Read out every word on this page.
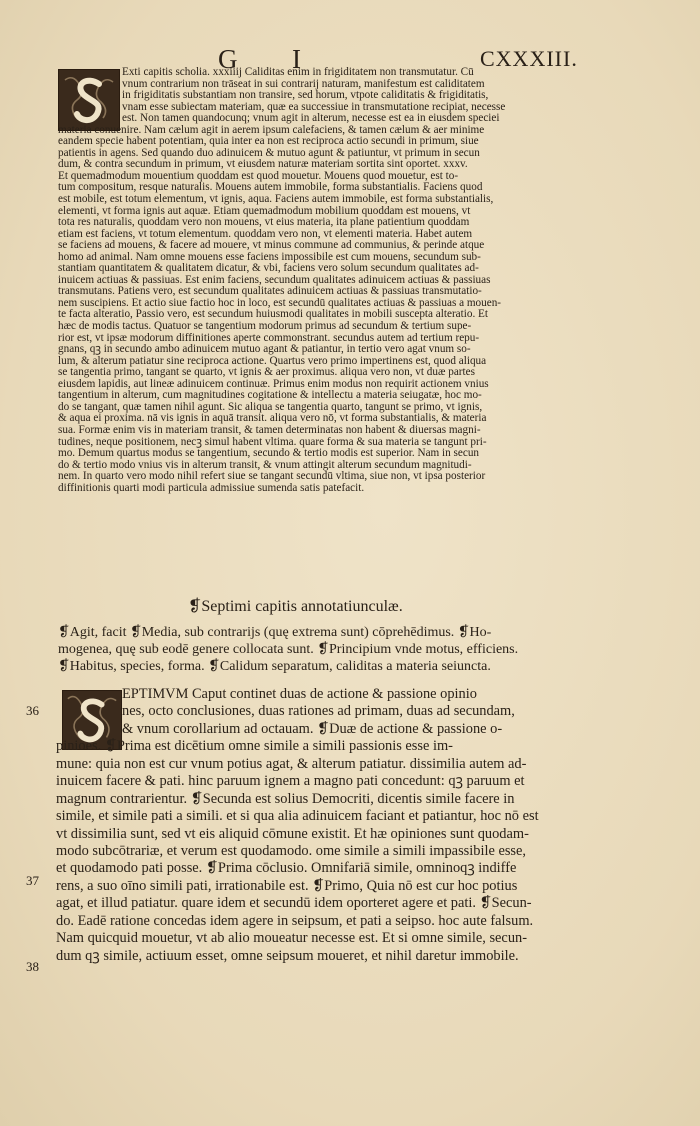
G I	CXXXIII.
Exti capitis scholia. xxxiiij Caliditas enim in frigiditatem non transmutatur. Cū
vnum contrarium non trāseat in sui contrarij naturam, manifestum est caliditatem
in frigiditatis substantiam non transire, sed horum, vtpote caliditatis & frigiditatis,
vnam esse subiectam materiam, quæ ea successiue in transmutatione recipiat, necesse
est. Non tamen quandocunq; vnum agit in alterum, necesse est ea in eiusdem speciei
materia conuenire. Nam cælum agit in aerem ipsum calefaciens, & tamen cælum & aer minime
eandem specie habent potentiam, quia inter ea non est reciproca actio secundi in primum, siue
patientis in agens. Sed quando duo adinuicem & mutuo agunt & patiuntur, vt primum in secun
dum, & contra secundum in primum, vt eiusdem naturæ materiam sortita sint oportet. xxxv.
Et quemadmodum mouentium quoddam est quod mouetur. Mouens quod mouetur, est to-
tum compositum, resque naturalis. Mouens autem immobile, forma substantialis. Faciens quod
est mobile, est totum elementum, vt ignis, aqua. Faciens autem immobile, est forma substantialis,
elementi, vt forma ignis aut aquæ. Etiam quemadmodum mobilium quoddam est mouens, vt
tota res naturalis, quoddam vero non mouens, vt eius materia, ita plane patientium quoddam
etiam est faciens, vt totum elementum. quoddam vero non, vt elementi materia. Habet autem
se faciens ad mouens, & facere ad mouere, vt minus commune ad communius, & perinde atque
homo ad animal. Nam omne mouens esse faciens impossibile est cum mouens, secundum sub-
stantiam quantitatem & qualitatem dicatur, & vbi, faciens vero solum secundum qualitates ad-
inuicem actiuas & passiuas. Est enim faciens, secundum qualitates adinuicem actiuas & passiuas
transmutans. Patiens vero, est secundum qualitates adinuicem actiuas & passiuas transmutatio-
nem suscipiens. Et actio siue factio hoc in loco, est secundū qualitates actiuas & passiuas a mouen-
te facta alteratio, Passio vero, est secundum huiusmodi qualitates in mobili suscepta alteratio. Et
hæc de modis tactus. Quatuor se tangentium modorum primus ad secundum & tertium supe-
rior est, vt ipsæ modorum diffinitiones aperte commonstrant. secundus autem ad tertium repu-
gnans, qꝫ in secundo ambo adinuicem mutuo agant & patiantur, in tertio vero agat vnum so-
lum, & alterum patiatur sine reciproca actione. Quartus vero primo impertinens est, quod aliqua
se tangentia primo, tangant se quarto, vt ignis & aer proximus. aliqua vero non, vt duæ partes
eiusdem lapidis, aut lineæ adinuicem continuæ. Primus enim modus non requirit actionem vnius
tangentium in alterum, cum magnitudines cogitatione & intellectu a materia seiugatæ, hoc mo-
do se tangant, quæ tamen nihil agunt. Sic aliqua se tangentia quarto, tangunt se primo, vt ignis,
& aqua ei proxima. nā vis ignis in aquā transit. aliqua vero nō, vt forma substantialis, & materia
sua. Formæ enim vis in materiam transit, & tamen determinatas non habent & diuersas magni-
tudines, neque positionem, necꝫ simul habent vltima. quare forma & sua materia se tangunt pri-
mo. Demum quartus modus se tangentium, secundo & tertio modis est superior. Nam in secun
do & tertio modo vnius vis in alterum transit, & vnum attingit alterum secundum magnitudi-
nem. In quarto vero modo nihil refert siue se tangant secundū vltima, siue non, vt ipsa posterior
diffinitionis quarti modi particula admissiue sumenda satis patefacit.
❡Septimi capitis annotatiunculæ.
❡Agit, facit ❡Media, sub contrarijs (quę extrema sunt) cōprehēdimus. ❡Ho-
mogenea, quę sub eodē genere collocata sunt. ❡Principium vnde motus, efficiens.
❡Habitus, species, forma. ❡Calidum separatum, caliditas a materia seiuncta.
EPTIMVM Caput continet duas de actione & passione opinio
nes, octo conclusiones, duas rationes ad primam, duas ad secundam,
& vnum corollarium ad octauam. ❡Duæ de actione & passione o-
pinioes. ❡Prima est dicētium omne simile a simili passionis esse im-
mune: quia non est cur vnum potius agat, & alterum patiatur. dissimilia autem ad-
inuicem facere & pati. hinc paruum ignem a magno pati concedunt: qꝫ paruum et
magnum contrarientur. ❡Secunda est solius Democriti, dicentis simile facere in
simile, et simile pati a simili. et si qua alia adinuicem faciant et patiantur, hoc nō est
vt dissimilia sunt, sed vt eis aliquid cōmune existit. Et hæ opiniones sunt quodam-
modo subcōtrariæ, et verum est quodamodo. ome simile a simili impassibile esse,
et quodamodo pati posse. ❡Prima cōclusio. Omnifariā simile, omninoqꝫ indiffe
rens, a suo oīno simili pati, irrationabile est. ❡Primo, Quia nō est cur hoc potius
agat, et illud patiatur. quare idem et secundū idem oporteret agere et pati. ❡Secun-
do. Eadē ratione concedas idem agere in seipsum, et pati a seipso. hoc aute falsum.
Nam quicquid mouetur, vt ab alio moueatur necesse est. Et si omne simile, secun-
dum qꝫ simile, actiuum esset, omne seipsum moueret, et nihil daretur immobile.
36
37
38
